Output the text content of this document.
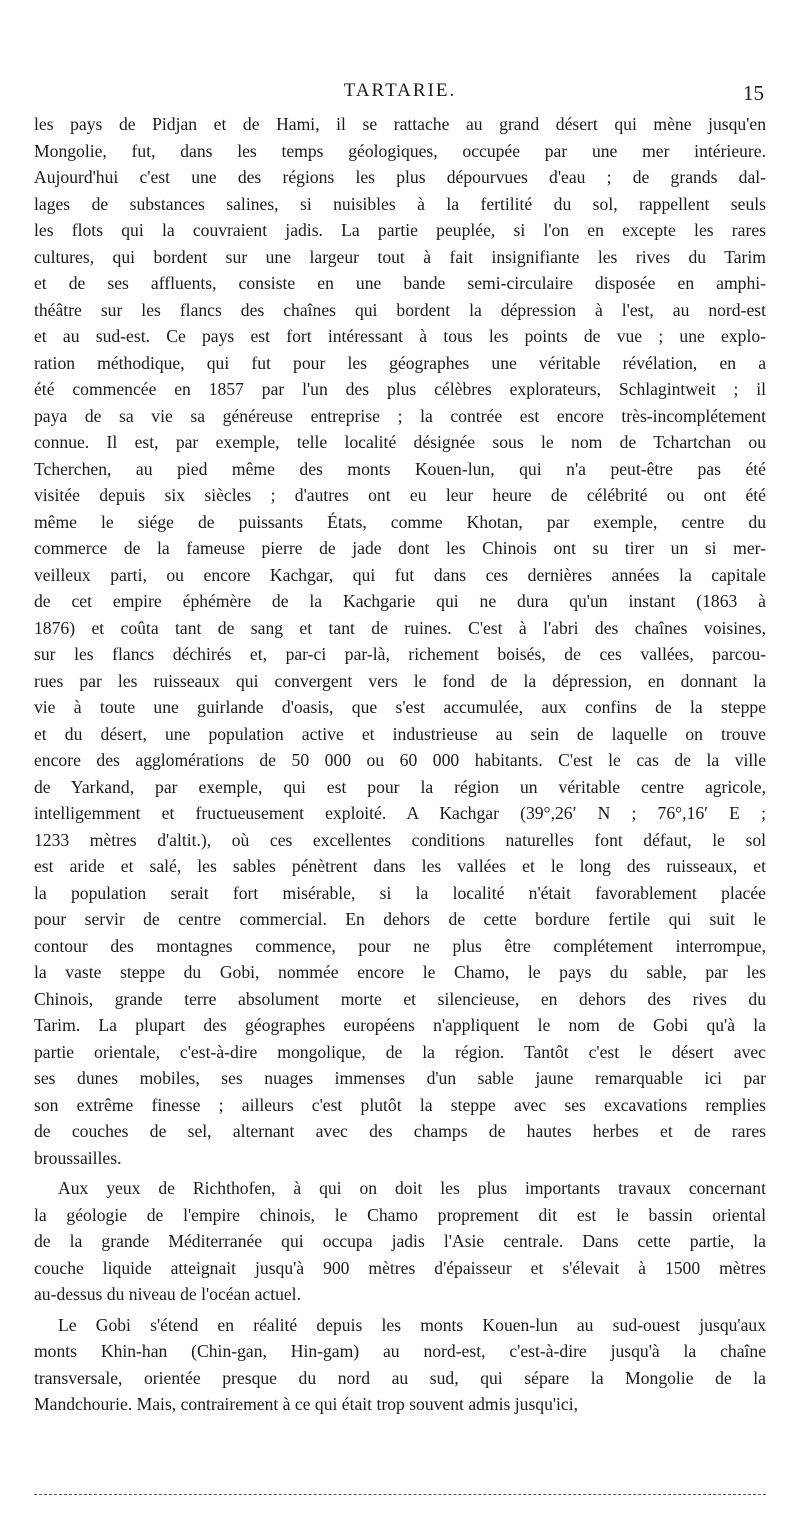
TARTARIE.	15
les pays de Pidjan et de Hami, il se rattache au grand désert qui mène jusqu'en
Mongolie, fut, dans les temps géologiques, occupée par une mer intérieure.
Aujourd'hui c'est une des régions les plus dépourvues d'eau ; de grands dal-
lages de substances salines, si nuisibles à la fertilité du sol, rappellent seuls
les flots qui la couvraient jadis. La partie peuplée, si l'on en excepte les rares
cultures, qui bordent sur une largeur tout à fait insignifiante les rives du Tarim
et de ses affluents, consiste en une bande semi-circulaire disposée en amphi-
théâtre sur les flancs des chaînes qui bordent la dépression à l'est, au nord-est
et au sud-est. Ce pays est fort intéressant à tous les points de vue ; une explo-
ration méthodique, qui fut pour les géographes une véritable révélation, en a
été commencée en 1857 par l'un des plus célèbres explorateurs, Schlagintweit ; il
paya de sa vie sa généreuse entreprise ; la contrée est encore très-incomplétement
connue. Il est, par exemple, telle localité désignée sous le nom de Tchartchan ou
Tcherchen, au pied même des monts Kouen-lun, qui n'a peut-être pas été
visitée depuis six siècles ; d'autres ont eu leur heure de célébrité ou ont été
même le siége de puissants États, comme Khotan, par exemple, centre du
commerce de la fameuse pierre de jade dont les Chinois ont su tirer un si mer-
veilleux parti, ou encore Kachgar, qui fut dans ces dernières années la capitale
de cet empire éphémère de la Kachgarie qui ne dura qu'un instant (1863 à
1876) et coûta tant de sang et tant de ruines. C'est à l'abri des chaînes voisines,
sur les flancs déchirés et, par-ci par-là, richement boisés, de ces vallées, parcou-
rues par les ruisseaux qui convergent vers le fond de la dépression, en donnant la
vie à toute une guirlande d'oasis, que s'est accumulée, aux confins de la steppe
et du désert, une population active et industrieuse au sein de laquelle on trouve
encore des agglomérations de 50 000 ou 60 000 habitants. C'est le cas de la ville
de Yarkand, par exemple, qui est pour la région un véritable centre agricole,
intelligemment et fructueusement exploité. A Kachgar (39°,26′ N ; 76°,16′ E ;
1233 mètres d'altit.), où ces excellentes conditions naturelles font défaut, le sol
est aride et salé, les sables pénètrent dans les vallées et le long des ruisseaux, et
la population serait fort misérable, si la localité n'était favorablement placée
pour servir de centre commercial. En dehors de cette bordure fertile qui suit le
contour des montagnes commence, pour ne plus être complétement interrompue,
la vaste steppe du Gobi, nommée encore le Chamo, le pays du sable, par les
Chinois, grande terre absolument morte et silencieuse, en dehors des rives du
Tarim. La plupart des géographes européens n'appliquent le nom de Gobi qu'à la
partie orientale, c'est-à-dire mongolique, de la région. Tantôt c'est le désert avec
ses dunes mobiles, ses nuages immenses d'un sable jaune remarquable ici par
son extrême finesse ; ailleurs c'est plutôt la steppe avec ses excavations remplies
de couches de sel, alternant avec des champs de hautes herbes et de rares
broussailles.
Aux yeux de Richthofen, à qui on doit les plus importants travaux concernant
la géologie de l'empire chinois, le Chamo proprement dit est le bassin oriental
de la grande Méditerranée qui occupa jadis l'Asie centrale. Dans cette partie, la
couche liquide atteignait jusqu'à 900 mètres d'épaisseur et s'élevait à 1500 mètres
au-dessus du niveau de l'océan actuel.
Le Gobi s'étend en réalité depuis les monts Kouen-lun au sud-ouest jusqu'aux
monts Khin-han (Chin-gan, Hin-gam) au nord-est, c'est-à-dire jusqu'à la chaîne
transversale, orientée presque du nord au sud, qui sépare la Mongolie de la
Mandchourie. Mais, contrairement à ce qui était trop souvent admis jusqu'ici,
